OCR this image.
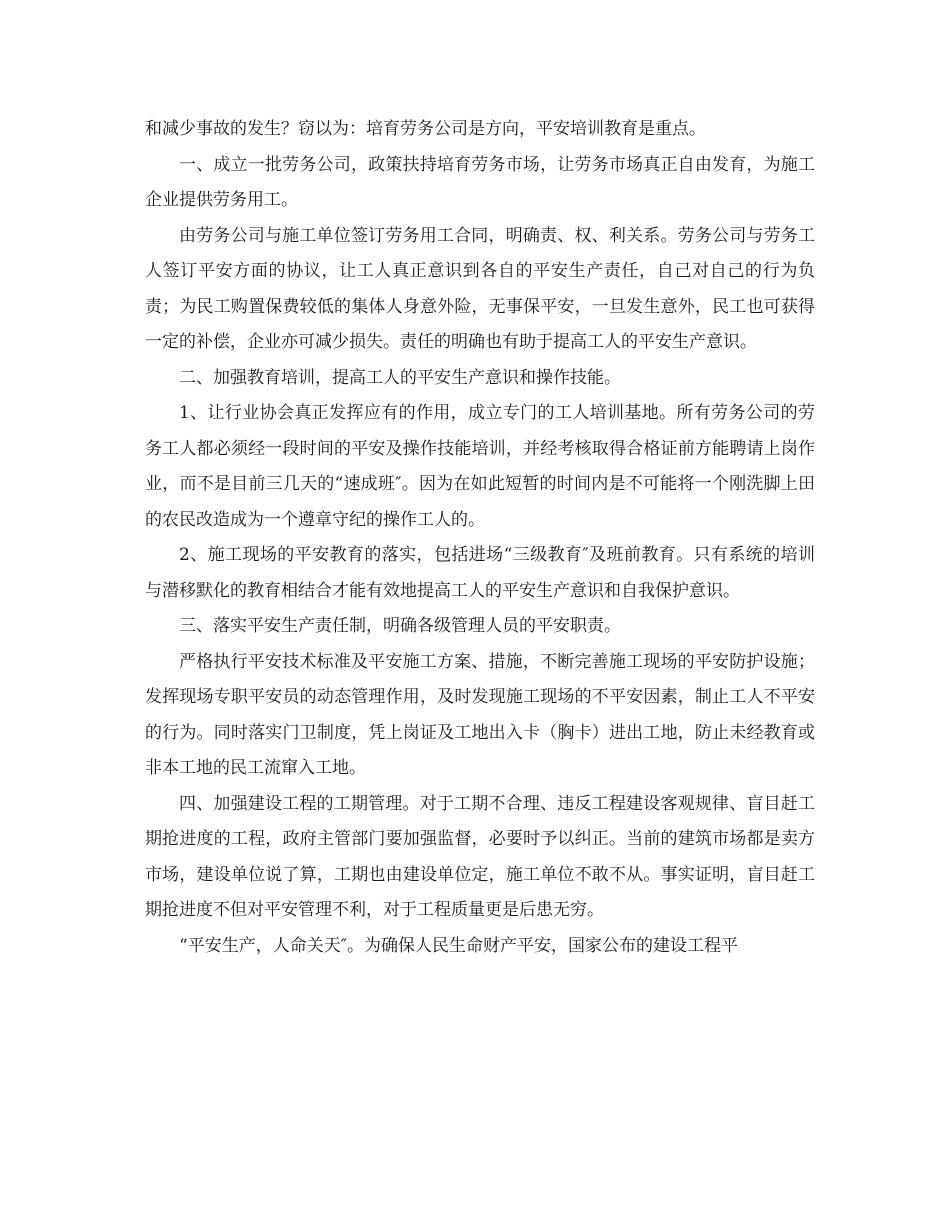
和减少事故的发生？窃以为：培育劳务公司是方向，平安培训教育是重点。

一、成立一批劳务公司，政策扶持培育劳务市场，让劳务市场真正自由发育，为施工企业提供劳务用工。

由劳务公司与施工单位签订劳务用工合同，明确责、权、利关系。劳务公司与劳务工人签订平安方面的协议，让工人真正意识到各自的平安生产责任，自己对自己的行为负责；为民工购置保费较低的集体人身意外险，无事保平安，一旦发生意外，民工也可获得一定的补偿，企业亦可减少损失。责任的明确也有助于提高工人的平安生产意识。

二、加强教育培训，提高工人的平安生产意识和操作技能。

1、让行业协会真正发挥应有的作用，成立专门的工人培训基地。所有劳务公司的劳务工人都必须经一段时间的平安及操作技能培训，并经考核取得合格证前方能聘请上岗作业，而不是目前三几天的“速成班″。因为在如此短暂的时间内是不可能将一个刚洗脚上田的农民改造成为一个遵章守纪的操作工人的。

2、施工现场的平安教育的落实，包括进场“三级教育″及班前教育。只有系统的培训与潜移默化的教育相结合才能有效地提高工人的平安生产意识和自我保护意识。

三、落实平安生产责任制，明确各级管理人员的平安职责。

严格执行平安技术标准及平安施工方案、措施，不断完善施工现场的平安防护设施；发挥现场专职平安员的动态管理作用，及时发现施工现场的不平安因素，制止工人不平安的行为。同时落实门卫制度，凭上岗证及工地出入卡（胸卡）进出工地，防止未经教育或非本工地的民工流窜入工地。

四、加强建设工程的工期管理。对于工期不合理、违反工程建设客观规律、盲目赶工期抢进度的工程，政府主管部门要加强监督，必要时予以纠正。当前的建筑市场都是卖方市场，建设单位说了算，工期也由建设单位定，施工单位不敢不从。事实证明，盲目赶工期抢进度不但对平安管理不利，对于工程质量更是后患无穷。

“平安生产，人命关天″。为确保人民生命财产平安，国家公布的建设工程平
